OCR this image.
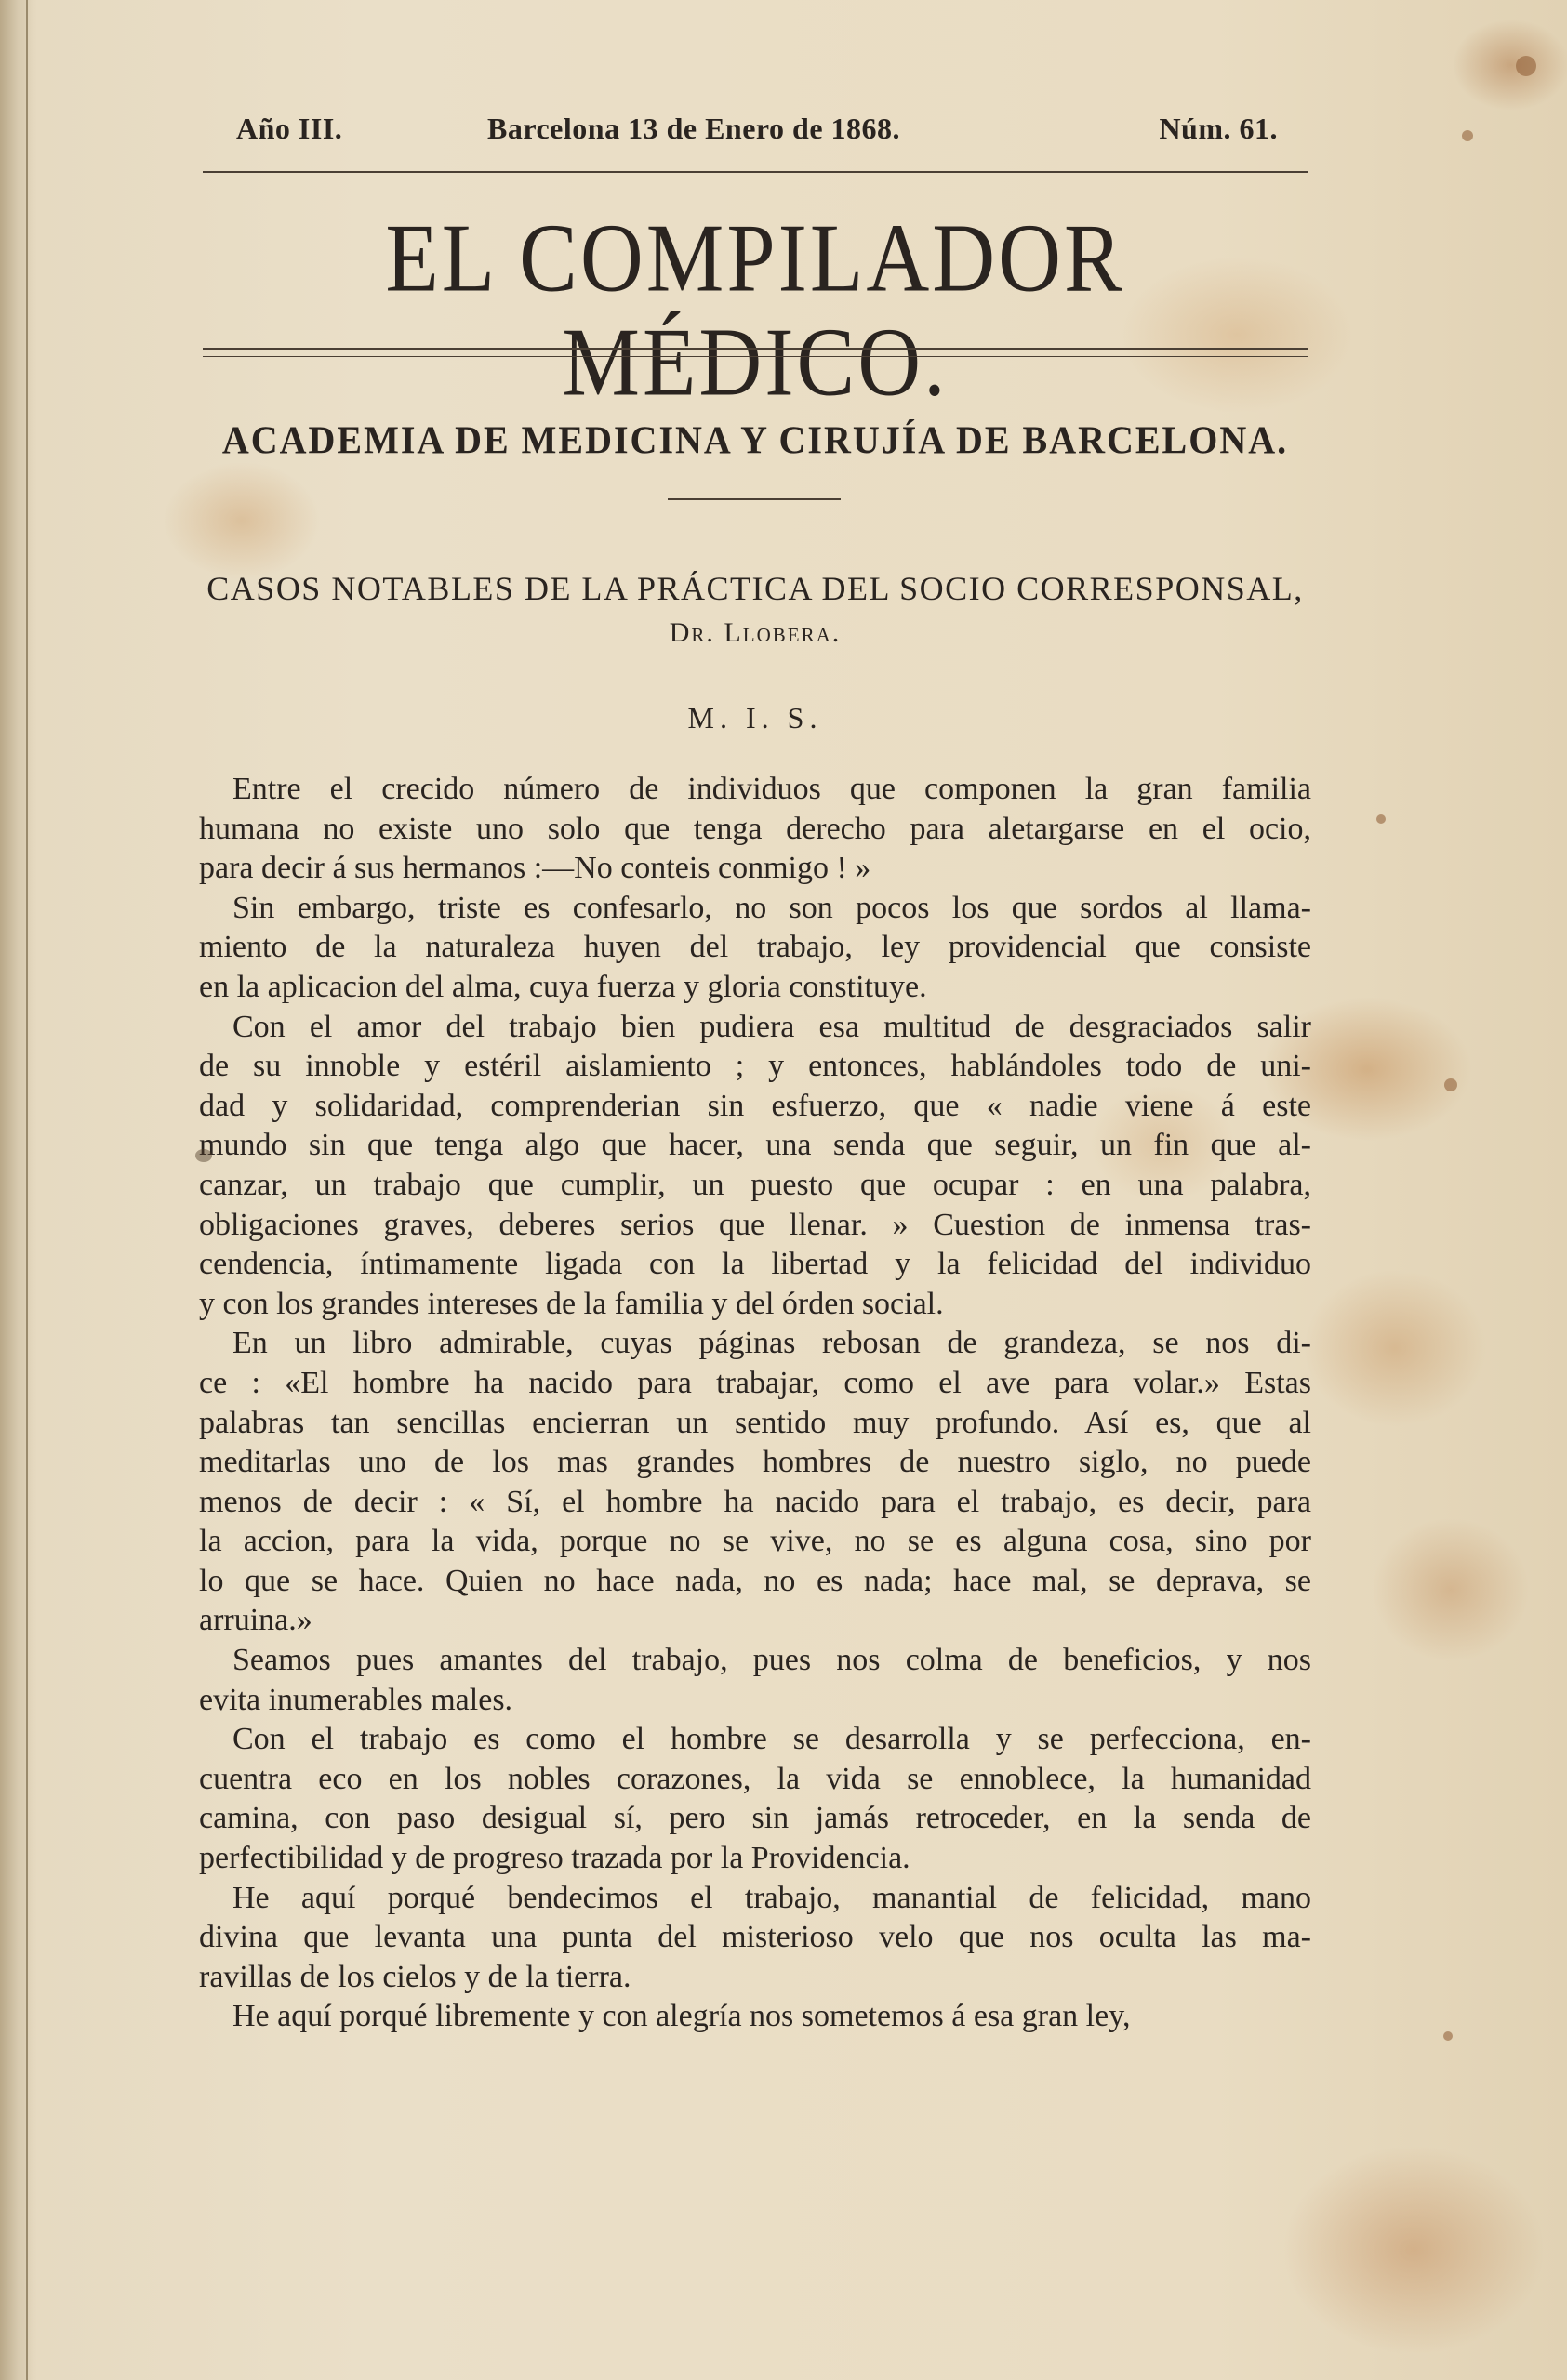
Año III.	Barcelona 13 de Enero de 1868.	Núm. 61.
EL COMPILADOR MÉDICO.
ACADEMIA DE MEDICINA Y CIRUJÍA DE BARCELONA.
CASOS NOTABLES DE LA PRÁCTICA DEL SOCIO CORRESPONSAL,
Dr. Llobera.
M. I. S.
Entre el crecido número de individuos que componen la gran familia
humana no existe uno solo que tenga derecho para aletargarse en el ocio,
para decir á sus hermanos :—No conteis conmigo ! »
Sin embargo, triste es confesarlo, no son pocos los que sordos al llama-
miento de la naturaleza huyen del trabajo, ley providencial que consiste
en la aplicacion del alma, cuya fuerza y gloria constituye.
Con el amor del trabajo bien pudiera esa multitud de desgraciados salir
de su innoble y estéril aislamiento ; y entonces, hablándoles todo de uni-
dad y solidaridad, comprenderian sin esfuerzo, que « nadie viene á este
mundo sin que tenga algo que hacer, una senda que seguir, un fin que al-
canzar, un trabajo que cumplir, un puesto que ocupar : en una palabra,
obligaciones graves, deberes serios que llenar. » Cuestion de inmensa tras-
cendencia, íntimamente ligada con la libertad y la felicidad del individuo
y con los grandes intereses de la familia y del órden social.
En un libro admirable, cuyas páginas rebosan de grandeza, se nos di-
ce : «El hombre ha nacido para trabajar, como el ave para volar.» Estas
palabras tan sencillas encierran un sentido muy profundo. Así es, que al
meditarlas uno de los mas grandes hombres de nuestro siglo, no puede
menos de decir : « Sí, el hombre ha nacido para el trabajo, es decir, para
la accion, para la vida, porque no se vive, no se es alguna cosa, sino por
lo que se hace. Quien no hace nada, no es nada; hace mal, se deprava, se
arruina.»
Seamos pues amantes del trabajo, pues nos colma de beneficios, y nos
evita inumerables males.
Con el trabajo es como el hombre se desarrolla y se perfecciona, en-
cuentra eco en los nobles corazones, la vida se ennoblece, la humanidad
camina, con paso desigual sí, pero sin jamás retroceder, en la senda de
perfectibilidad y de progreso trazada por la Providencia.
He aquí porqué bendecimos el trabajo, manantial de felicidad, mano
divina que levanta una punta del misterioso velo que nos oculta las ma-
ravillas de los cielos y de la tierra.
He aquí porqué libremente y con alegría nos sometemos á esa gran ley,
